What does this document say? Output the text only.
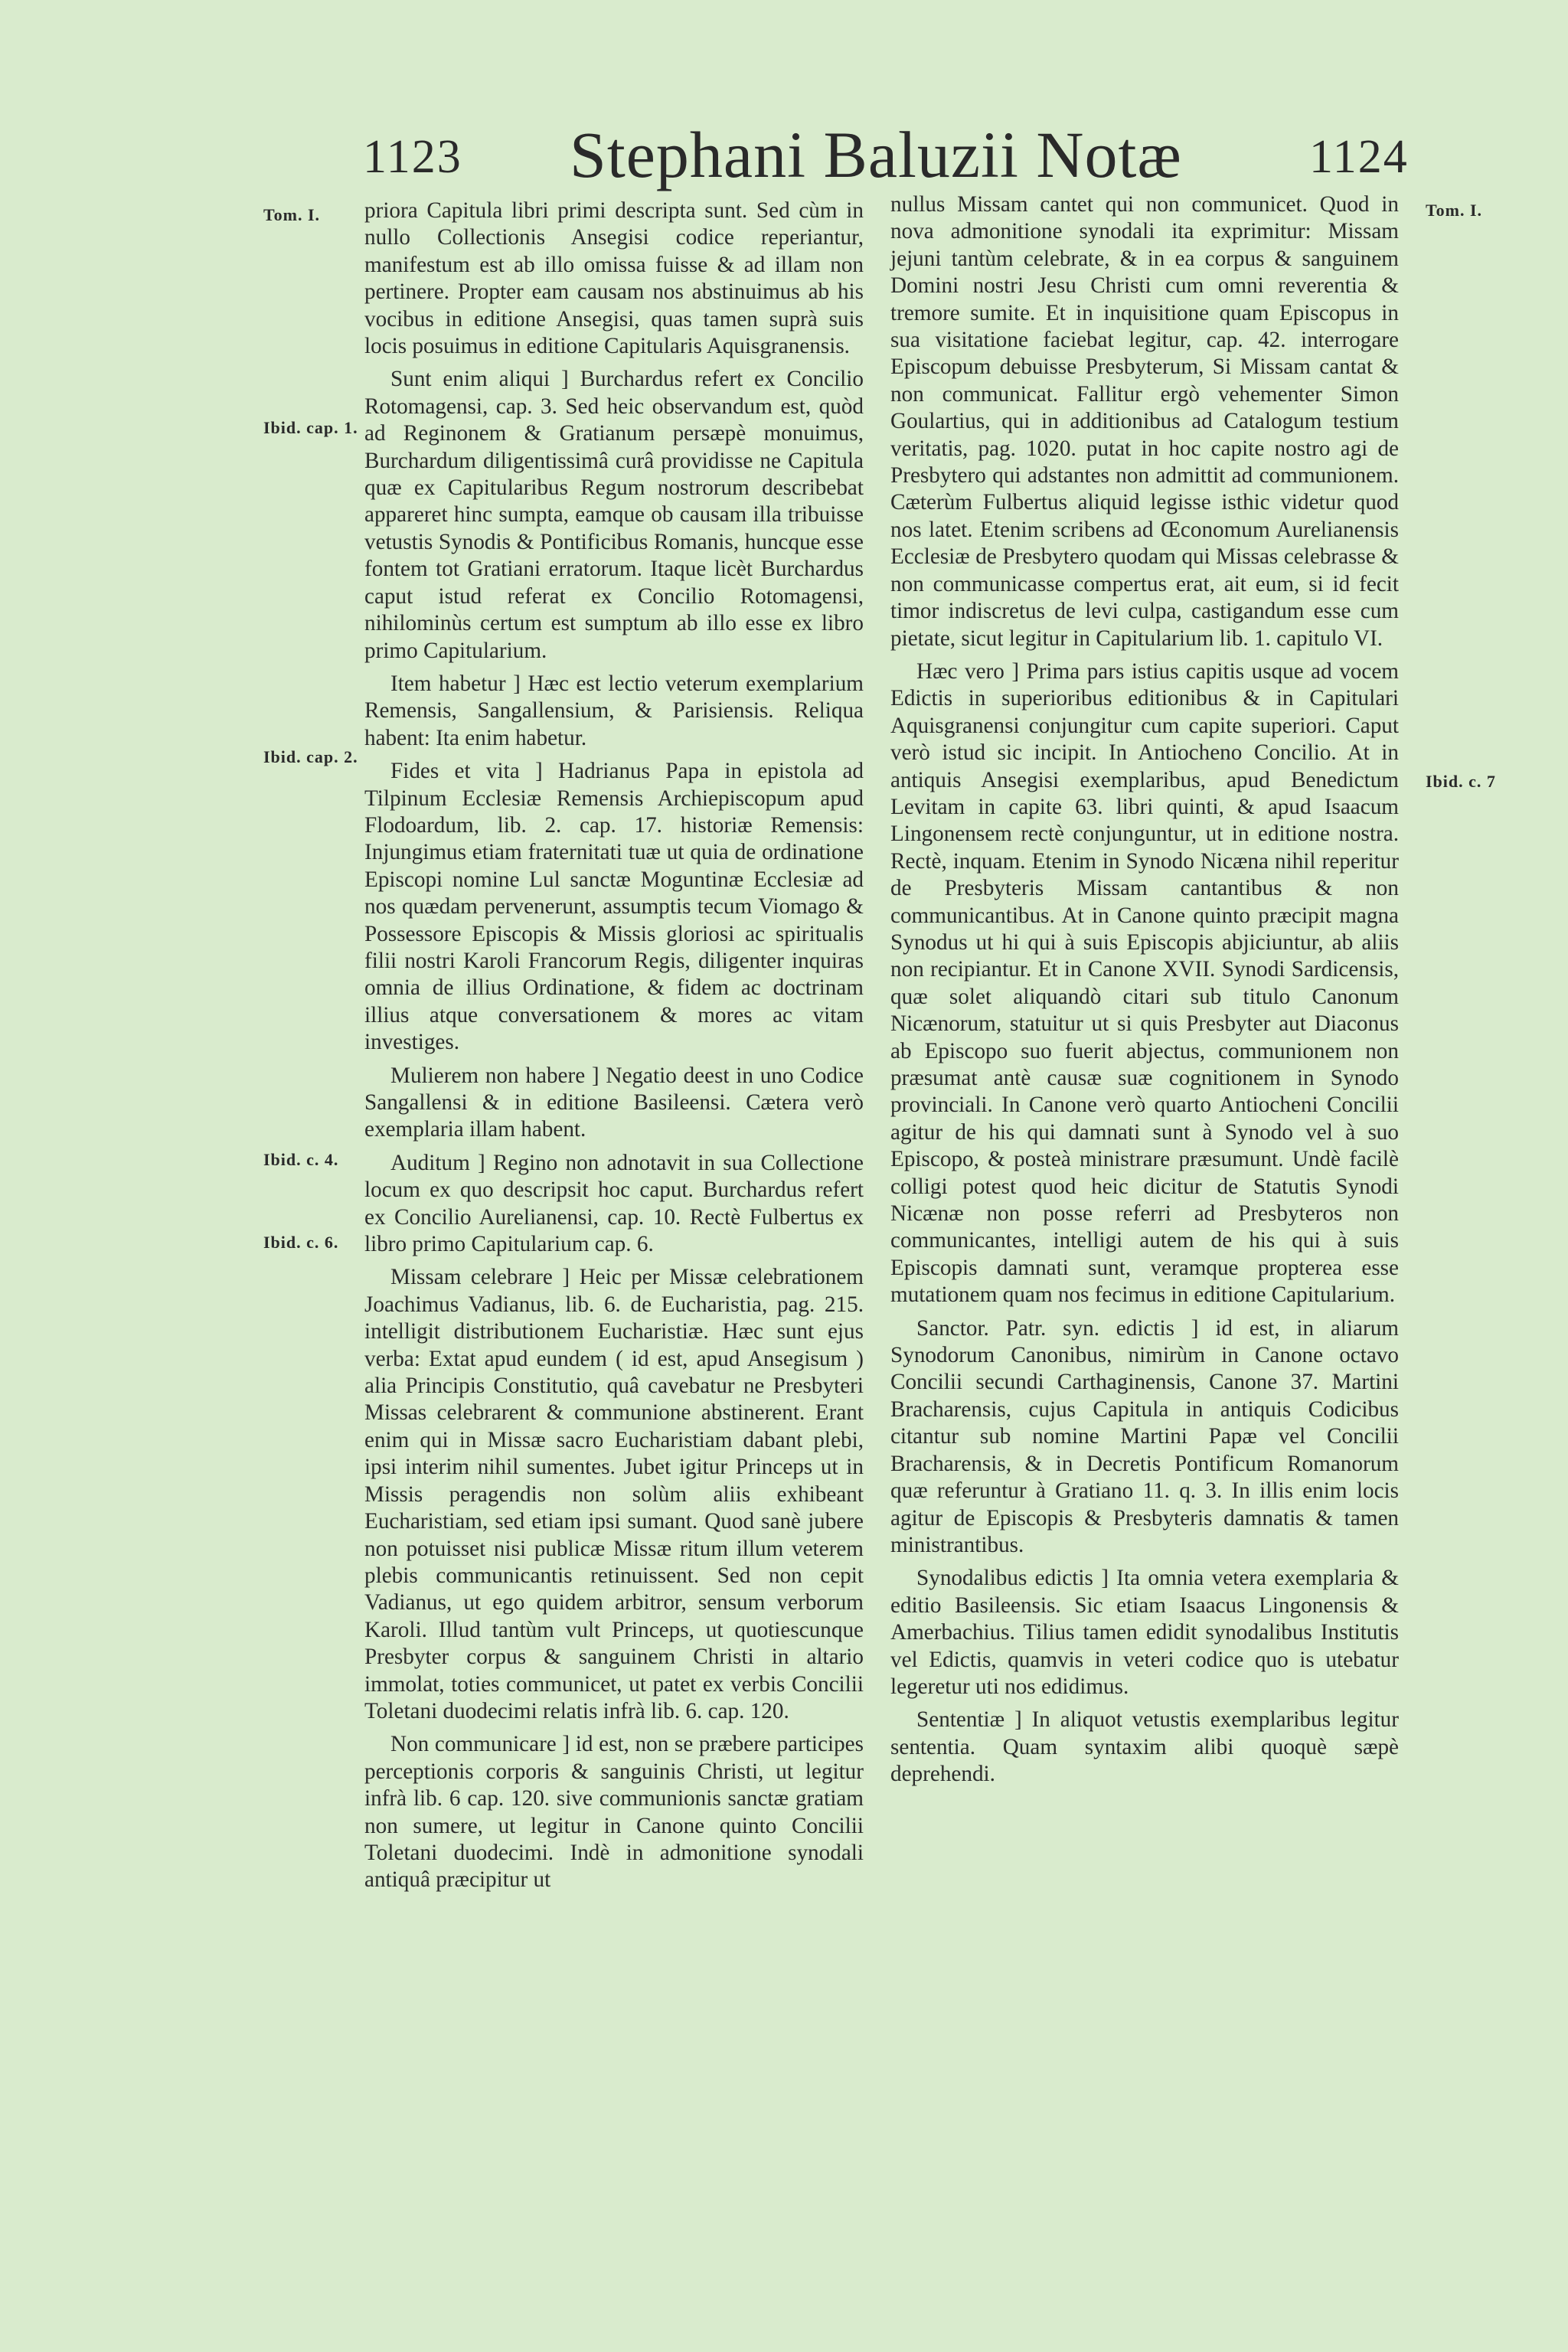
1123 Stephani Baluzii Notæ	1124
Tom. I.
Ibid. cap. 1.
Ibid. cap. 2.
Ibid. c. 4.
Ibid. c. 6.
Tom. I.
Ibid. c. 7

priora Capitula libri primi descripta sunt. Sed cùm in nullo Collectionis Ansegisi codice reperiantur, manifestum est ab illo omissa fuisse & ad illam non pertinere. Propter eam causam nos abstinuimus ab his vocibus in editione Ansegisi, quas tamen suprà suis locis posuimus in editione Capitularis Aquisgranensis.

Sunt enim aliqui ] Burchardus refert ex Concilio Rotomagensi, cap. 3. Sed heic observandum est, quòd ad Reginonem & Gratianum persæpè monuimus, Burchardum diligentissimâ curâ providisse ne Capitula quæ ex Capitularibus Regum nostrorum describebat appareret hinc sumpta, eamque ob causam illa tribuisse vetustis Synodis & Pontificibus Romanis, huncque esse fontem tot Gratiani erratorum. Itaque licèt Burchardus caput istud referat ex Concilio Rotomagensi, nihilominùs certum est sumptum ab illo esse ex libro primo Capitularium.

Item habetur ] Hæc est lectio veterum exemplarium Remensis, Sangallensium, & Parisiensis. Reliqua habent: Ita enim habetur.

Fides et vita ] Hadrianus Papa in epistola ad Tilpinum Ecclesiæ Remensis Archiepiscopum apud Flodoardum, lib. 2. cap. 17. historiæ Remensis: Injungimus etiam fraternitati tuæ ut quia de ordinatione Episcopi nomine Lul sanctæ Moguntinæ Ecclesiæ ad nos quædam pervenerunt, assumptis tecum Viomago & Possessore Episcopis & Missis gloriosi ac spiritualis filii nostri Karoli Francorum Regis, diligenter inquiras omnia de illius Ordinatione, & fidem ac doctrinam illius atque conversationem & mores ac vitam investiges.

Mulierem non habere ] Negatio deest in uno Codice Sangallensi & in editione Basileensi. Cætera verò exemplaria illam habent.

Auditum ] Regino non adnotavit in sua Collectione locum ex quo descripsit hoc caput. Burchardus refert ex Concilio Aurelianensi, cap. 10. Rectè Fulbertus ex libro primo Capitularium cap. 6.

Missam celebrare ] Heic per Missæ celebrationem Joachimus Vadianus, lib. 6. de Eucharistia, pag. 215. intelligit distributionem Eucharistiæ. Hæc sunt ejus verba: Extat apud eundem ( id est, apud Ansegisum ) alia Principis Constitutio, quâ cavebatur ne Presbyteri Missas celebrarent & communione abstinerent. Erant enim qui in Missæ sacro Eucharistiam dabant plebi, ipsi interim nihil sumentes. Jubet igitur Princeps ut in Missis peragendis non solùm aliis exhibeant Eucharistiam, sed etiam ipsi sumant. Quod sanè jubere non potuisset nisi publicæ Missæ ritum illum veterem plebis communicantis retinuissent. Sed non cepit Vadianus, ut ego quidem arbitror, sensum verborum Karoli. Illud tantùm vult Princeps, ut quotiescunque Presbyter corpus & sanguinem Christi in altario immolat, toties communicet, ut patet ex verbis Concilii Toletani duodecimi relatis infrà lib. 6. cap. 120.

Non communicare ] id est, non se præbere participes perceptionis corporis & sanguinis Christi, ut legitur infrà lib. 6 cap. 120. sive communionis sanctæ gratiam non sumere, ut legitur in Canone quinto Concilii Toletani duodecimi. Indè in admonitione synodali antiquâ præcipitur ut

nullus Missam cantet qui non communicet. Quod in nova admonitione synodali ita exprimitur: Missam jejuni tantùm celebrate, & in ea corpus & sanguinem Domini nostri Jesu Christi cum omni reverentia & tremore sumite. Et in inquisitione quam Episcopus in sua visitatione faciebat legitur, cap. 42. interrogare Episcopum debuisse Presbyterum, Si Missam cantat & non communicat. Fallitur ergò vehementer Simon Goulartius, qui in additionibus ad Catalogum testium veritatis, pag. 1020. putat in hoc capite nostro agi de Presbytero qui adstantes non admittit ad communionem. Cæterùm Fulbertus aliquid legisse isthic videtur quod nos latet. Etenim scribens ad Œconomum Aurelianensis Ecclesiæ de Presbytero quodam qui Missas celebrasse & non communicasse compertus erat, ait eum, si id fecit timor indiscretus de levi culpa, castigandum esse cum pietate, sicut legitur in Capitularium lib. 1. capitulo VI.

Hæc vero ] Prima pars istius capitis usque ad vocem Edictis in superioribus editionibus & in Capitulari Aquisgranensi conjungitur cum capite superiori. Caput verò istud sic incipit. In Antiocheno Concilio. At in antiquis Ansegisi exemplaribus, apud Benedictum Levitam in capite 63. libri quinti, & apud Isaacum Lingonensem rectè conjunguntur, ut in editione nostra. Rectè, inquam. Etenim in Synodo Nicæna nihil reperitur de Presbyteris Missam cantantibus & non communicantibus. At in Canone quinto præcipit magna Synodus ut hi qui à suis Episcopis abjiciuntur, ab aliis non recipiantur. Et in Canone XVII. Synodi Sardicensis, quæ solet aliquandò citari sub titulo Canonum Nicænorum, statuitur ut si quis Presbyter aut Diaconus ab Episcopo suo fuerit abjectus, communionem non præsumat antè causæ suæ cognitionem in Synodo provinciali. In Canone verò quarto Antiocheni Concilii agitur de his qui damnati sunt à Synodo vel à suo Episcopo, & posteà ministrare præsumunt. Undè facilè colligi potest quod heic dicitur de Statutis Synodi Nicænæ non posse referri ad Presbyteros non communicantes, intelligi autem de his qui à suis Episcopis damnati sunt, veramque propterea esse mutationem quam nos fecimus in editione Capitularium.

Sanctor. Patr. syn. edictis ] id est, in aliarum Synodorum Canonibus, nimirùm in Canone octavo Concilii secundi Carthaginensis, Canone 37. Martini Bracharensis, cujus Capitula in antiquis Codicibus citantur sub nomine Martini Papæ vel Concilii Bracharensis, & in Decretis Pontificum Romanorum quæ referuntur à Gratiano 11. q. 3. In illis enim locis agitur de Episcopis & Presbyteris damnatis & tamen ministrantibus.

Synodalibus edictis ] Ita omnia vetera exemplaria & editio Basileensis. Sic etiam Isaacus Lingonensis & Amerbachius. Tilius tamen edidit synodalibus Institutis vel Edictis, quamvis in veteri codice quo is utebatur legeretur uti nos edidimus.

Sententiæ ] In aliquot vetustis exemplaribus legitur sententia. Quam syntaxim alibi quoquè sæpè deprehendi.
